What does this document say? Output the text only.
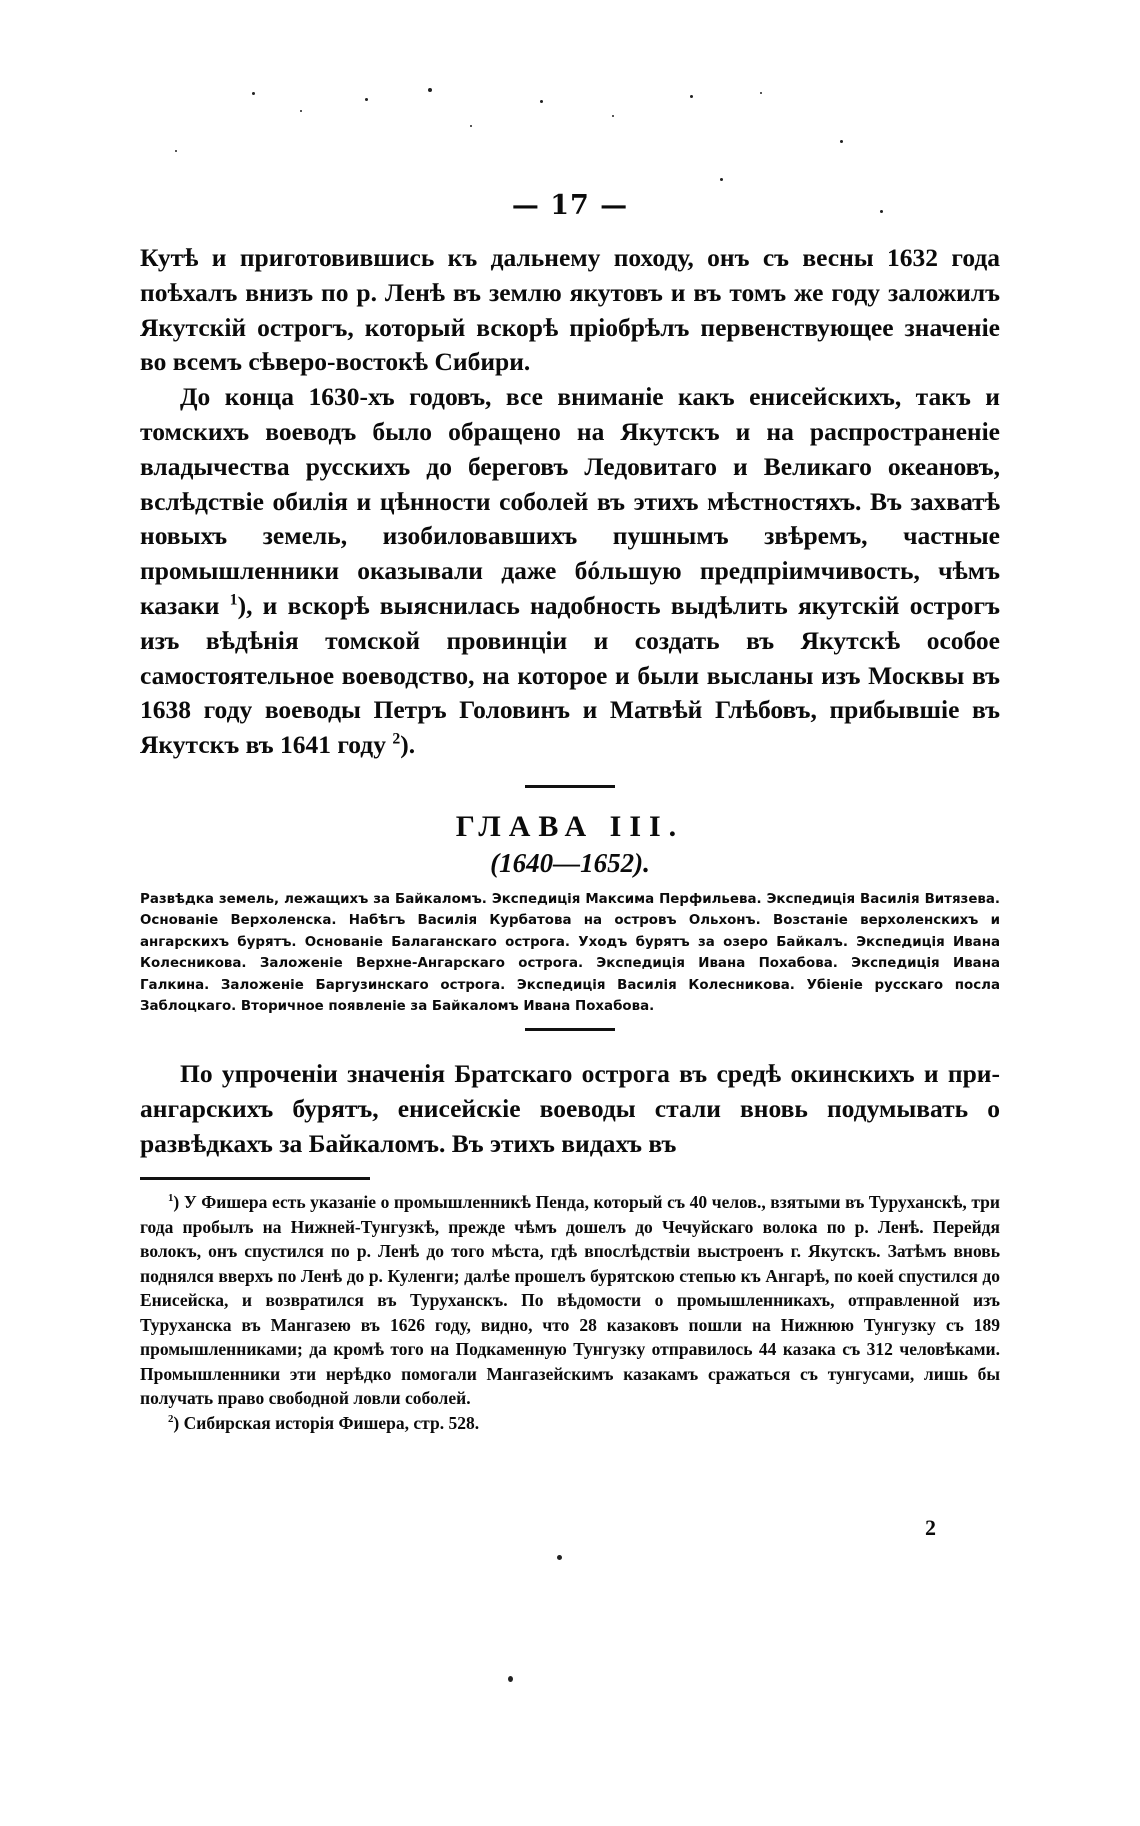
— 17 —

Кутѣ и приготовившись къ дальнему походу, онъ съ весны 1632 года поѣхалъ внизъ по р. Ленѣ въ землю якутовъ и въ томъ же году заложилъ Якутскій острогъ, который вскорѣ пріобрѣлъ первенствующее значеніе во всемъ сѣверо-востокѣ Сибири.

До конца 1630-хъ годовъ, все вниманіе какъ енисейскихъ, такъ и томскихъ воеводъ было обращено на Якутскъ и на распространеніе владычества русскихъ до береговъ Ледовитаго и Великаго океановъ, вслѣдствіе обилія и цѣнности соболей въ этихъ мѣстностяхъ. Въ захватѣ новыхъ земель, изобиловавшихъ пушнымъ звѣремъ, частные промышленники оказывали даже бóльшую предпріимчивость, чѣмъ казаки $^1$), и вскорѣ выяснилась надобность выдѣлить якутскій острогъ изъ вѣдѣнія томской провинціи и создать въ Якутскѣ особое самостоятельное воеводство, на которое и были высланы изъ Москвы въ 1638 году воеводы Петръ Головинъ и Матвѣй Глѣбовъ, прибывшіе въ Якутскъ въ 1641 году $^2$).

ГЛАВА III.
(1640—1652).

Развѣдка земель, лежащихъ за Байкаломъ. Экспедиція Максима Перфильева. Экспедиція Василія Витязева. Основаніе Верхоленска. Набѣгъ Василія Курбатова на островъ Ольхонъ. Возстаніе верхоленскихъ и ангарскихъ бурятъ. Основаніе Балаганскаго острога. Уходъ бурятъ за озеро Байкалъ. Экспедиція Ивана Колесникова. Заложеніе Верхне-Ангарскаго острога. Экспедиція Ивана Похабова. Экспедиція Ивана Галкина. Заложеніе Баргузинскаго острога. Экспедиція Василія Колесникова. Убіеніе русскаго посла Заблоцкаго. Вторичное появленіе за Байкаломъ Ивана Похабова.

По упроченіи значенія Братскаго острога въ средѣ окинскихъ и при-ангарскихъ бурятъ, енисейскіе воеводы стали вновь подумывать о развѣдкахъ за Байкаломъ. Въ этихъ видахъ въ

$^1$) У Фишера есть указаніе о промышленникѣ Пенда, который съ 40 челов., взятыми въ Туруханскѣ, три года пробылъ на Нижней-Тунгузкѣ, прежде чѣмъ дошелъ до Чечуйскаго волока по р. Ленѣ. Перейдя волокъ, онъ спустился по р. Ленѣ до того мѣста, гдѣ впослѣдствіи выстроенъ г. Якутскъ. Затѣмъ вновь поднялся вверхъ по Ленѣ до р. Куленги; далѣе прошелъ бурятскою степью къ Ангарѣ, по коей спустился до Енисейска, и возвратился въ Туруханскъ. По вѣдомости о промышленникахъ, отправленной изъ Туруханска въ Мангазею въ 1626 году, видно, что 28 казаковъ пошли на Нижнюю Тунгузку съ 189 промышленниками; да кромѣ того на Подкаменную Тунгузку отправилось 44 казака съ 312 человѣками. Промышленники эти нерѣдко помогали Мангазейскимъ казакамъ сражаться съ тунгусами, лишь бы получать право свободной ловли соболей.

$^2$) Сибирская исторія Фишера, стр. 528.

2
